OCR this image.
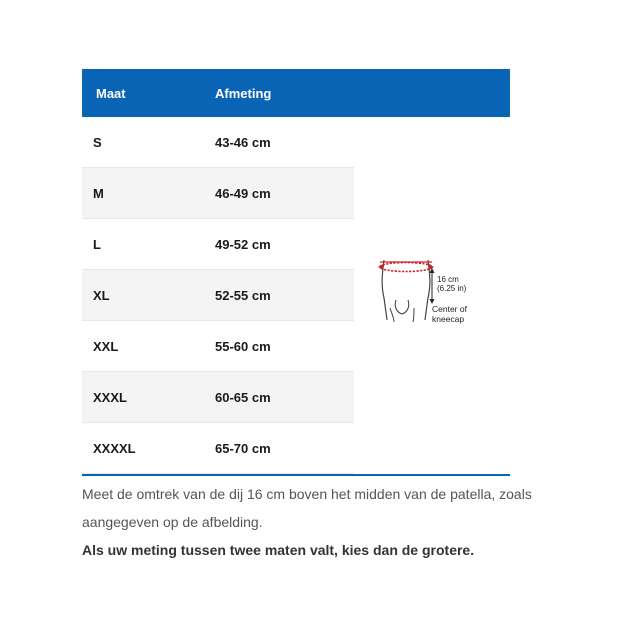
Maat	Afmeting
S	43-46 cm
M	46-49 cm
L	49-52 cm
XL	52-55 cm
XXL	55-60 cm
XXXL	60-65 cm
XXXXL	65-70 cm
16 cm
(6.25 in)
Center of
kneecap
Meet de omtrek van de dij 16 cm boven het midden van de patella, zoals aangegeven op de afbelding.
Als uw meting tussen twee maten valt, kies dan de grotere.
